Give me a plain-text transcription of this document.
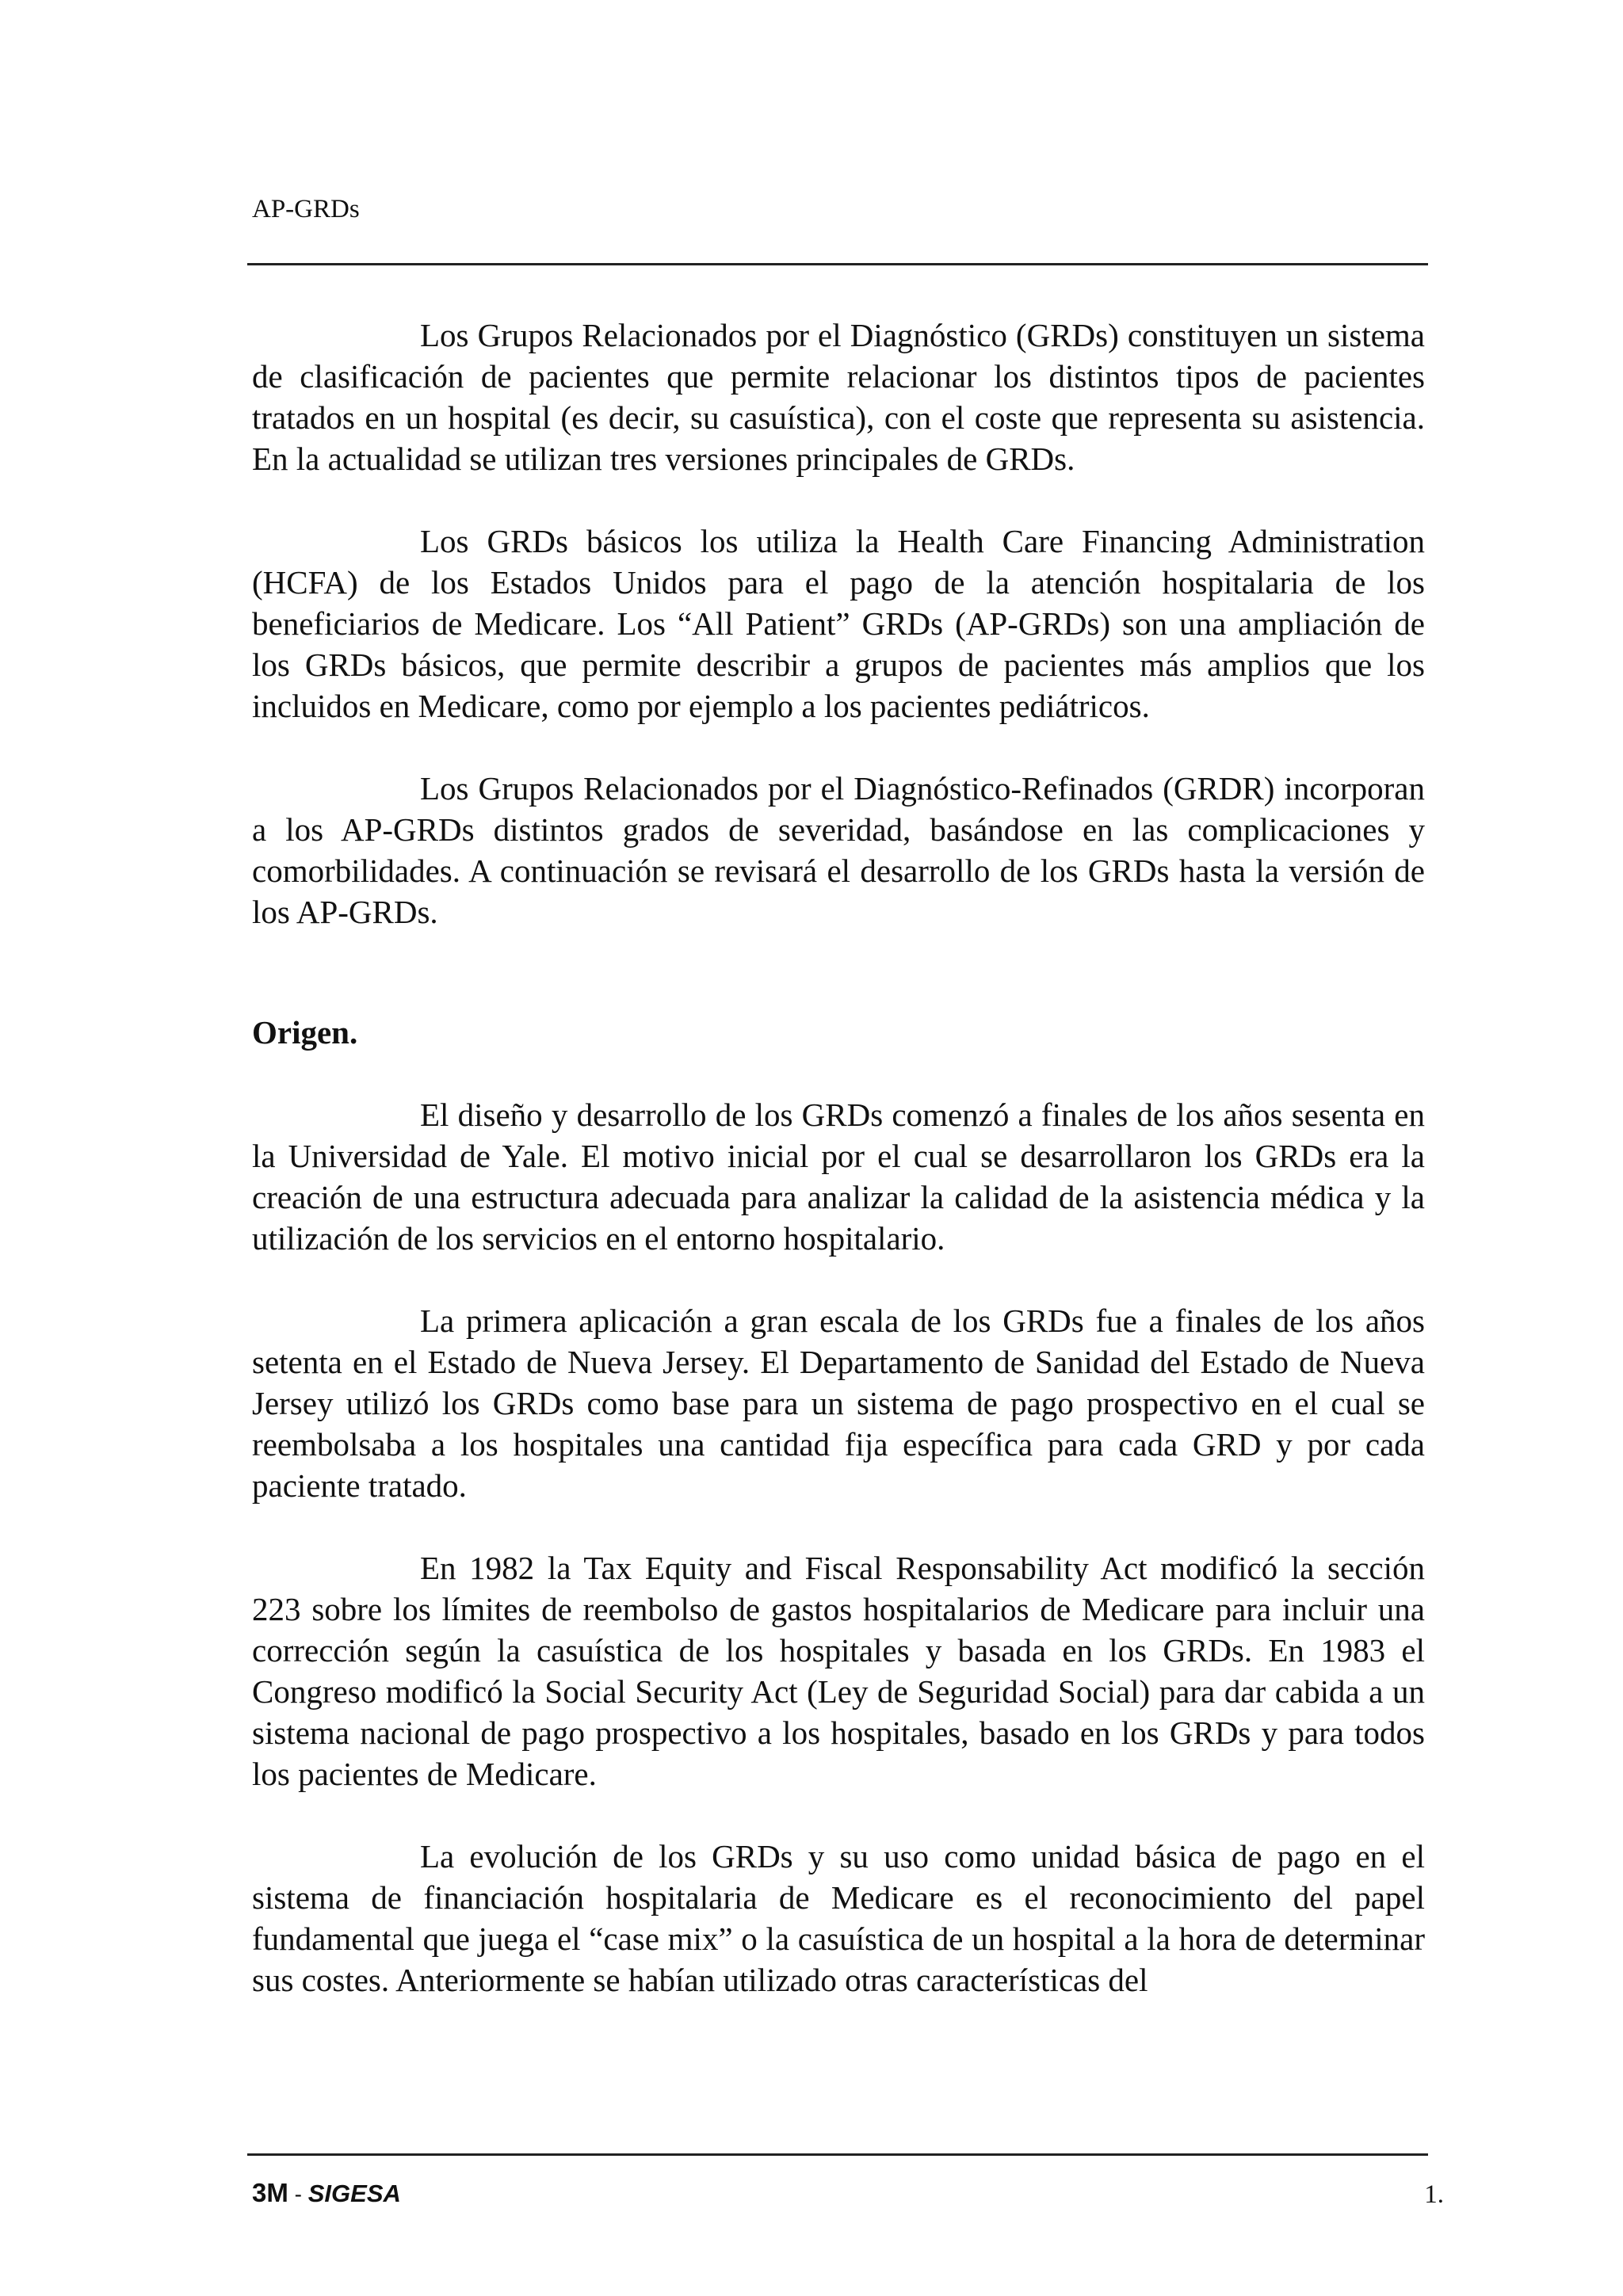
AP-GRDs

Los Grupos Relacionados por el Diagnóstico (GRDs) constituyen un sistema de clasificación de pacientes que permite relacionar los distintos tipos de pacientes tratados en un hospital (es decir, su casuística), con el coste que representa su asistencia. En la actualidad se utilizan tres versiones principales de GRDs.

Los GRDs básicos los utiliza la Health Care Financing Administration (HCFA) de los Estados Unidos para el pago de la atención hospitalaria de los beneficiarios de Medicare. Los “All Patient” GRDs (AP-GRDs) son una ampliación de los GRDs básicos, que permite describir a grupos de pacientes más amplios que los incluidos en Medicare, como por ejemplo a los pacientes pediátricos.

Los Grupos Relacionados por el Diagnóstico-Refinados (GRDR) incorporan a los AP-GRDs distintos grados de severidad, basándose en las complicaciones y comorbilidades. A continuación se revisará el desarrollo de los GRDs hasta la versión de los AP-GRDs.

Origen.

El diseño y desarrollo de los GRDs comenzó a finales de los años sesenta en la Universidad de Yale. El motivo inicial por el cual se desarrollaron los GRDs era la creación de una estructura adecuada para analizar la calidad de la asistencia médica y la utilización de los servicios en el entorno hospitalario.

La primera aplicación a gran escala de los GRDs fue a finales de los años setenta en el Estado de Nueva Jersey. El Departamento de Sanidad del Estado de Nueva Jersey utilizó los GRDs como base para un sistema de pago prospectivo en el cual se reembolsaba a los hospitales una cantidad fija específica para cada GRD y por cada paciente tratado.

En 1982 la Tax Equity and Fiscal Responsability Act modificó la sección 223 sobre los límites de reembolso de gastos hospitalarios de Medicare para incluir una corrección según la casuística de los hospitales y basada en los GRDs. En 1983 el Congreso modificó la Social Security Act (Ley de Seguridad Social) para dar cabida a un sistema nacional de pago prospectivo a los hospitales, basado en los GRDs y para todos los pacientes de Medicare.

La evolución de los GRDs y su uso como unidad básica de pago en el sistema de financiación hospitalaria de Medicare es el reconocimiento del papel fundamental que juega el “case mix” o la casuística de un hospital a la hora de determinar sus costes. Anteriormente se habían utilizado otras características del

3M - SIGESA	1.
